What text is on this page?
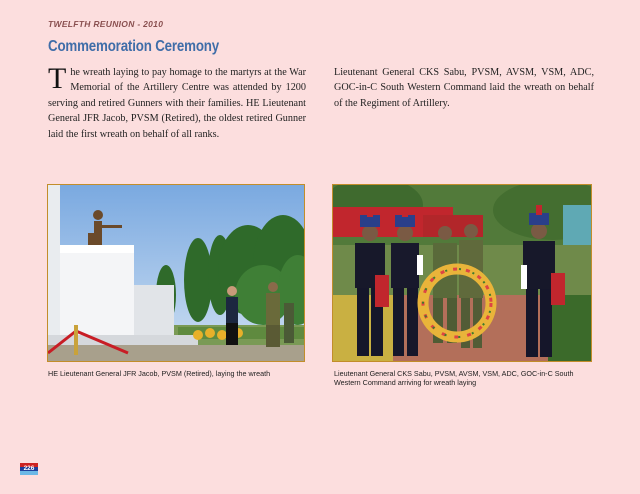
TWELFTH REUNION - 2010
Commemoration Ceremony
The wreath laying to pay homage to the martyrs at the War Memorial of the Artillery Centre was attended by 1200 serving and retired Gunners with their families. HE Lieutenant General JFR Jacob, PVSM (Retired), the oldest retired Gunner laid the first wreath on behalf of all ranks.
Lieutenant General CKS Sabu, PVSM, AVSM, VSM, ADC, GOC-in-C South Western Command laid the wreath on behalf of the Regiment of Artillery.
HE Lieutenant General JFR Jacob, PVSM (Retired), laying the wreath	Lieutenant General CKS Sabu, PVSM, AVSM, VSM, ADC, GOC-in-C South Western Command arriving for wreath laying
226
